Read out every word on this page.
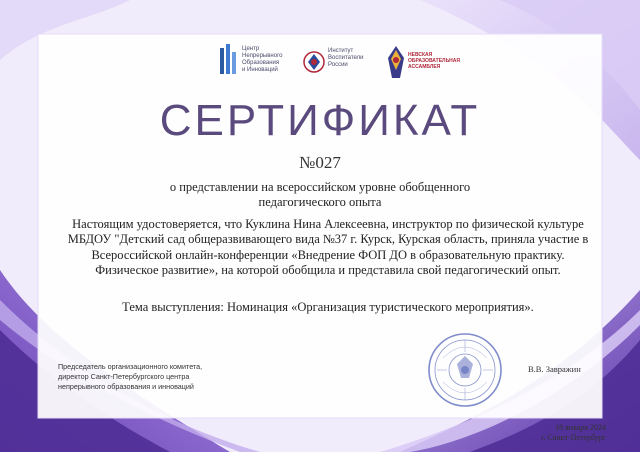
Центр
Непрерывного
Образования
и Инноваций
Институт
Воспитатели
России
НЕВСКАЯ
ОБРАЗОВАТЕЛЬНАЯ
АССАМБЛЕЯ
СЕРТИФИКАТ
№027
о представлении на всероссийском уровне обобщенного педагогического опыта
Настоящим удостоверяется, что Куклина Нина Алексеевна, инструктор по физической культуре МБДОУ "Детский сад общеразвивающего вида №37 г. Курск, Курская область, приняла участие в Всероссийской онлайн-конференции «Внедрение ФОП ДО в образовательную практику. Физическое развитие», на которой обобщила и представила свой педагогический опыт.
Тема выступления: Номинация «Организация туристического мероприятия».
Председатель организационного комитета,
директор Санкт-Петербургского центра
непрерывного образования и инноваций
В.В. Завражин
18 января 2024
г. Санкт-Петербург
